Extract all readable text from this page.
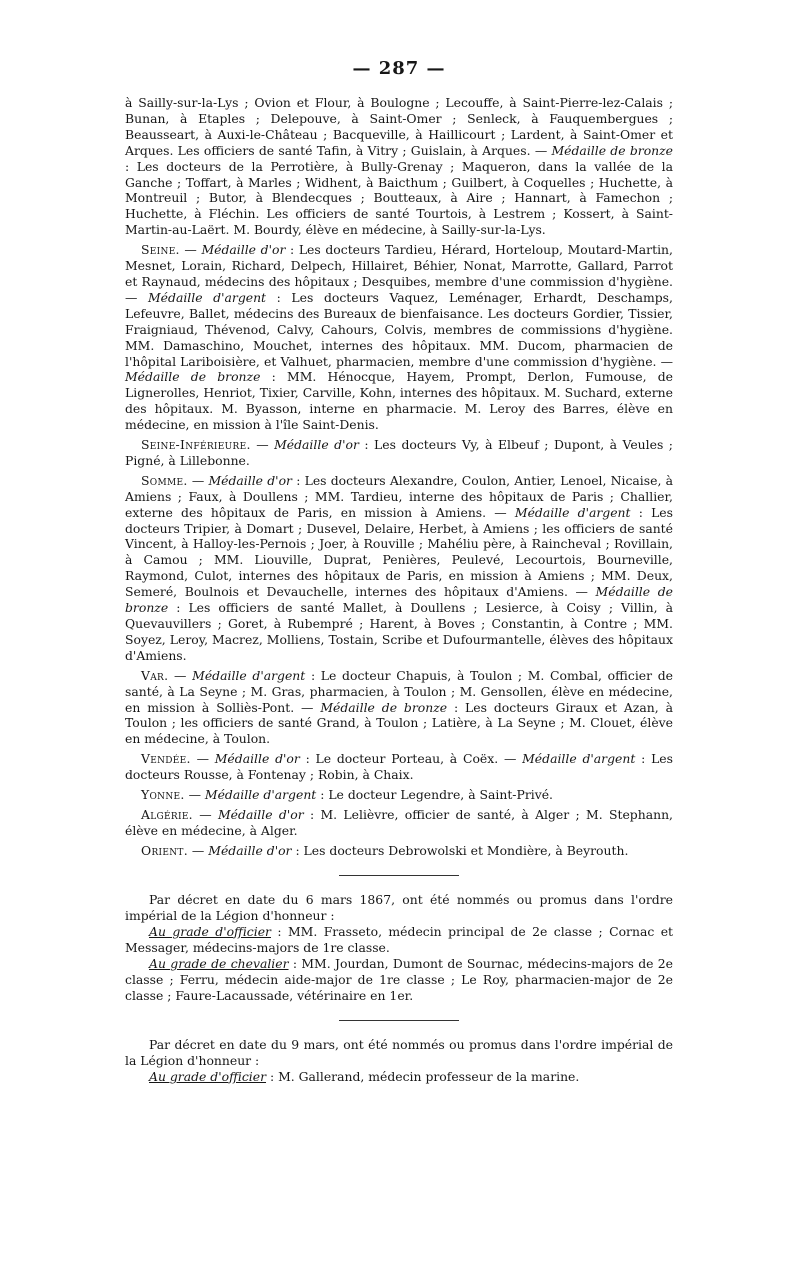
— 287 —

à Sailly-sur-la-Lys ; Ovion et Flour, à Boulogne ; Lecouffe, à Saint-Pierre-lez-Calais ; Bunan, à Etaples ; Delepouve, à Saint-Omer ; Senleck, à Fauquembergues ; Beausseart, à Auxi-le-Château ; Bacqueville, à Haillicourt ; Lardent, à Saint-Omer et Arques. Les officiers de santé Tafin, à Vitry ; Guislain, à Arques. — Médaille de bronze : Les docteurs de la Perrotière, à Bully-Grenay ; Maqueron, dans la vallée de la Ganche ; Toffart, à Marles ; Widhent, à Baicthum ; Guilbert, à Coquelles ; Huchette, à Montreuil ; Butor, à Blendecques ; Boutteaux, à Aire ; Hannart, à Famechon ; Huchette, à Fléchin. Les officiers de santé Tourtois, à Lestrem ; Kossert, à Saint-Martin-au-Laërt. M. Bourdy, élève en médecine, à Sailly-sur-la-Lys.

Seine. — Médaille d'or : Les docteurs Tardieu, Hérard, Horteloup, Moutard-Martin, Mesnet, Lorain, Richard, Delpech, Hillairet, Béhier, Nonat, Marrotte, Gallard, Parrot et Raynaud, médecins des hôpitaux ; Desquibes, membre d'une commission d'hygiène. — Médaille d'argent : Les docteurs Vaquez, Leménager, Erhardt, Deschamps, Lefeuvre, Ballet, médecins des Bureaux de bienfaisance. Les docteurs Gordier, Tissier, Fraigniaud, Thévenod, Calvy, Cahours, Colvis, membres de commissions d'hygiène. MM. Damaschino, Mouchet, internes des hôpitaux. MM. Ducom, pharmacien de l'hôpital Lariboisière, et Valhuet, pharmacien, membre d'une commission d'hygiène. — Médaille de bronze : MM. Hénocque, Hayem, Prompt, Derlon, Fumouse, de Lignerolles, Henriot, Tixier, Carville, Kohn, internes des hôpitaux. M. Suchard, externe des hôpitaux. M. Byasson, interne en pharmacie. M. Leroy des Barres, élève en médecine, en mission à l'île Saint-Denis.

Seine-Inférieure. — Médaille d'or : Les docteurs Vy, à Elbeuf ; Dupont, à Veules ; Pigné, à Lillebonne.

Somme. — Médaille d'or : Les docteurs Alexandre, Coulon, Antier, Lenoel, Nicaise, à Amiens ; Faux, à Doullens ; MM. Tardieu, interne des hôpitaux de Paris ; Challier, externe des hôpitaux de Paris, en mission à Amiens. — Médaille d'argent : Les docteurs Tripier, à Domart ; Dusevel, Delaire, Herbet, à Amiens ; les officiers de santé Vincent, à Halloy-les-Pernois ; Joer, à Rouville ; Mahéliu père, à Raincheval ; Rovillain, à Camou ; MM. Liouville, Duprat, Penières, Peulevé, Lecourtois, Bourneville, Raymond, Culot, internes des hôpitaux de Paris, en mission à Amiens ; MM. Deux, Semeré, Boulnois et Devauchelle, internes des hôpitaux d'Amiens. — Médaille de bronze : Les officiers de santé Mallet, à Doullens ; Lesierce, à Coisy ; Villin, à Quevauvillers ; Goret, à Rubempré ; Harent, à Boves ; Constantin, à Contre ; MM. Soyez, Leroy, Macrez, Molliens, Tostain, Scribe et Dufourmantelle, élèves des hôpitaux d'Amiens.

Var. — Médaille d'argent : Le docteur Chapuis, à Toulon ; M. Combal, officier de santé, à La Seyne ; M. Gras, pharmacien, à Toulon ; M. Gensollen, élève en médecine, en mission à Solliès-Pont. — Médaille de bronze : Les docteurs Giraux et Azan, à Toulon ; les officiers de santé Grand, à Toulon ; Latière, à La Seyne ; M. Clouet, élève en médecine, à Toulon.

Vendée. — Médaille d'or : Le docteur Porteau, à Coëx. — Médaille d'argent : Les docteurs Rousse, à Fontenay ; Robin, à Chaix.

Yonne. — Médaille d'argent : Le docteur Legendre, à Saint-Privé.

Algérie. — Médaille d'or : M. Lelièvre, officier de santé, à Alger ; M. Stephann, élève en médecine, à Alger.

Orient. — Médaille d'or : Les docteurs Debrowolski et Mondière, à Beyrouth.

Par décret en date du 6 mars 1867, ont été nommés ou promus dans l'ordre impérial de la Légion d'honneur :

Au grade d'officier : MM. Frasseto, médecin principal de 2e classe ; Cornac et Messager, médecins-majors de 1re classe.

Au grade de chevalier : MM. Jourdan, Dumont de Sournac, médecins-majors de 2e classe ; Ferru, médecin aide-major de 1re classe ; Le Roy, pharmacien-major de 2e classe ; Faure-Lacaussade, vétérinaire en 1er.

Par décret en date du 9 mars, ont été nommés ou promus dans l'ordre impérial de la Légion d'honneur :

Au grade d'officier : M. Gallerand, médecin professeur de la marine.
